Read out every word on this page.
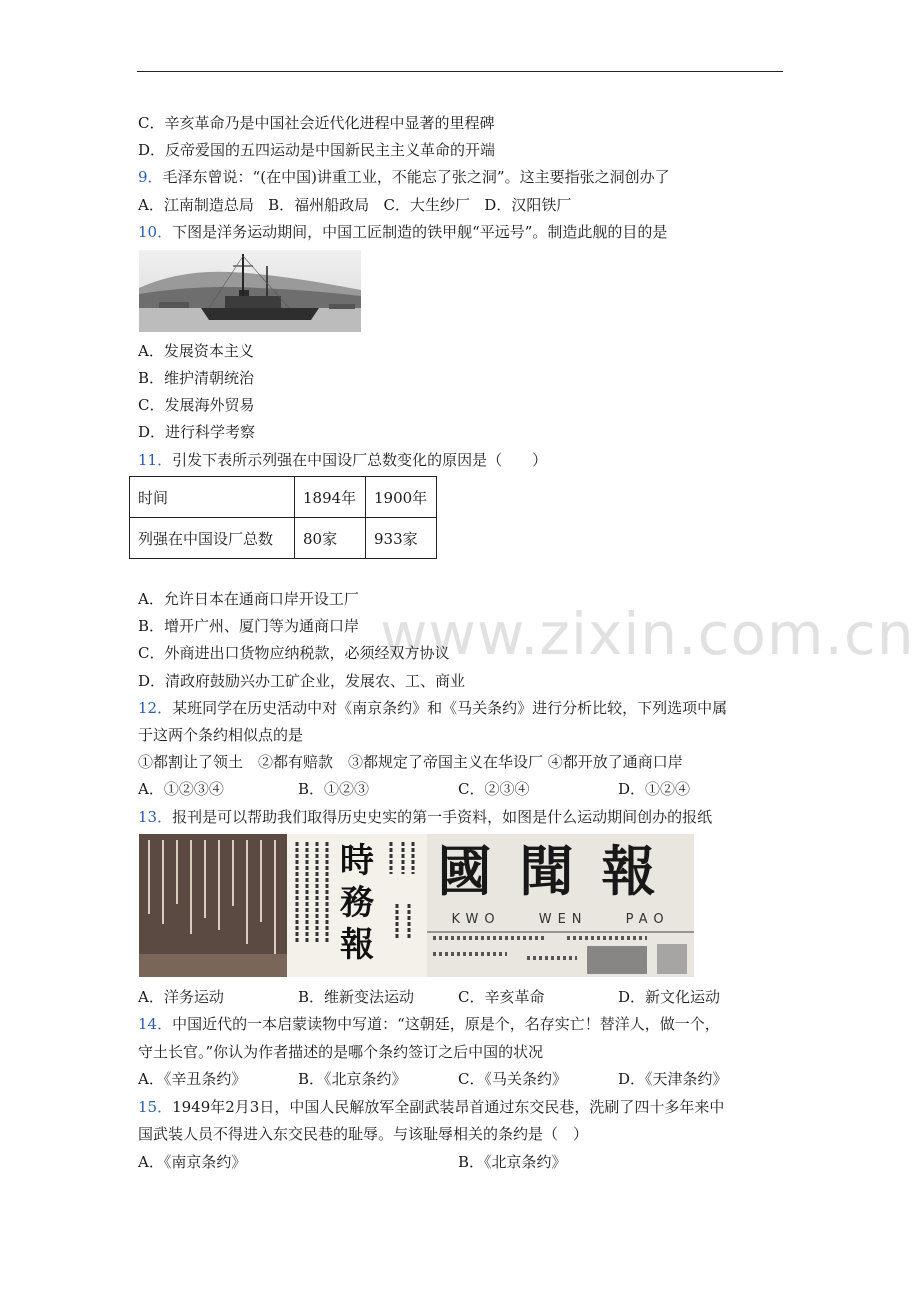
C．辛亥革命乃是中国社会近代化进程中显著的里程碑
D．反帝爱国的五四运动是中国新民主主义革命的开端
9．毛泽东曾说：“(在中国)讲重工业，不能忘了张之洞”。这主要指张之洞创办了
A．江南制造总局 B．福州船政局 C．大生纱厂 D．汉阳铁厂
10．下图是洋务运动期间，中国工匠制造的铁甲舰“平远号”。制造此舰的目的是
A．发展资本主义
B．维护清朝统治
C．发展海外贸易
D．进行科学考察
11．引发下表所示列强在中国设厂总数变化的原因是（　　）
时间	1894年	1900年
列强在中国设厂总数	80家	933家
www.zixin.com.cn
A．允许日本在通商口岸开设工厂
B．增开广州、厦门等为通商口岸
C．外商进出口货物应纳税款，必须经双方协议
D．清政府鼓励兴办工矿企业，发展农、工、商业
12．某班同学在历史活动中对《南京条约》和《马关条约》进行分析比较，下列选项中属
于这两个条约相似点的是
①都割让了领土　②都有赔款　③都规定了帝国主义在华设厂 ④都开放了通商口岸
A．①②③④	B．①②③	C．②③④	D．①②④
13．报刊是可以帮助我们取得历史史实的第一手资料，如图是什么运动期间创办的报纸
時務報
國聞報
KWO WEN PAO
A．洋务运动	B．维新变法运动	C．辛亥革命	D．新文化运动
14．中国近代的一本启蒙读物中写道：“这朝廷，原是个，名存实亡！替洋人，做一个，
守土长官。”你认为作者描述的是哪个条约签订之后中国的状况
A．《辛丑条约》	B．《北京条约》	C．《马关条约》	D．《天津条约》
15．1949年2月3日，中国人民解放军全副武装昂首通过东交民巷，洗刷了四十多年来中
国武装人员不得进入东交民巷的耻辱。与该耻辱相关的条约是（　）
A．《南京条约》	B．《北京条约》
